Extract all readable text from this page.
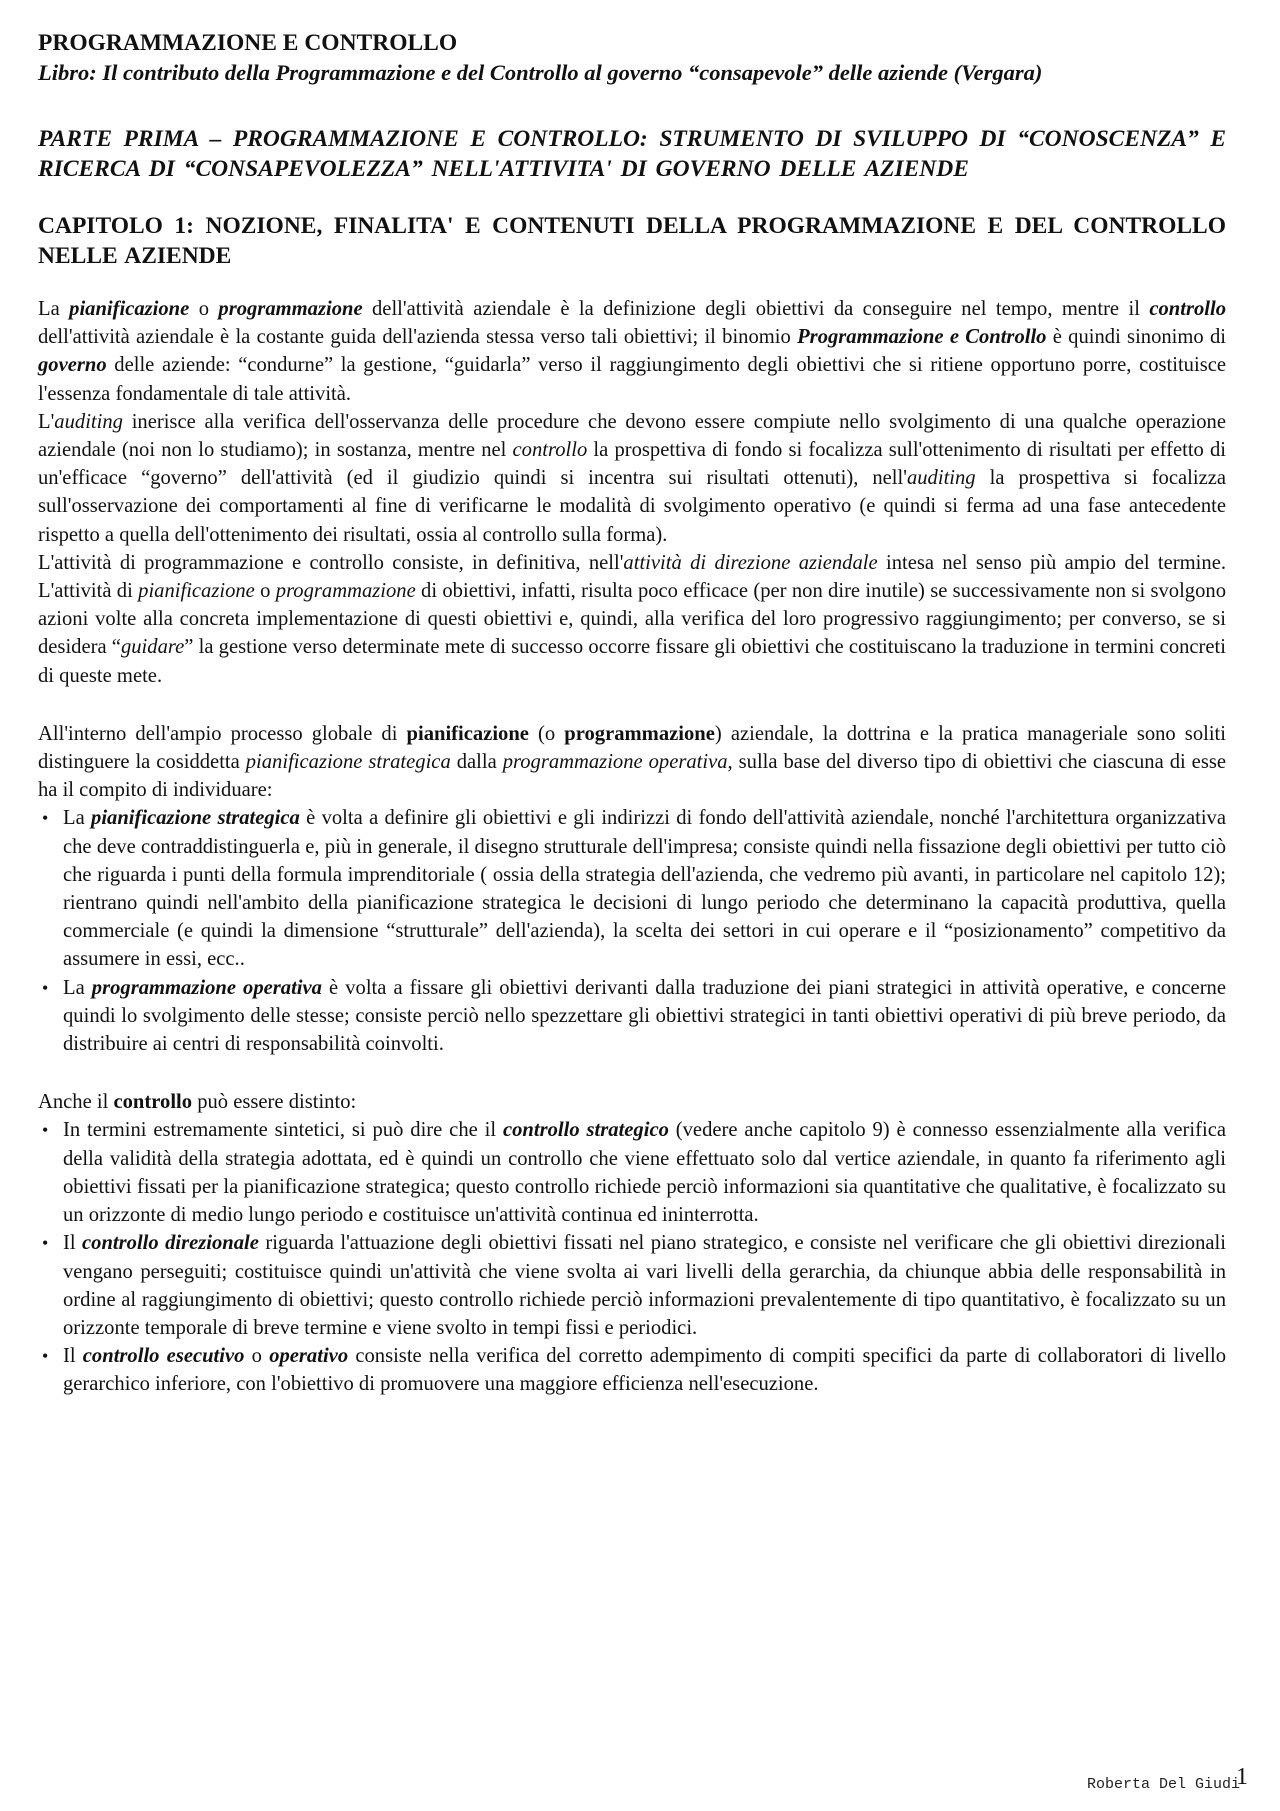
PROGRAMMAZIONE E CONTROLLO

Libro: Il contributo della Programmazione e del Controllo al governo “consapevole” delle aziende (Vergara)

PARTE PRIMA – PROGRAMMAZIONE E CONTROLLO: STRUMENTO DI SVILUPPO DI “CONOSCENZA” E RICERCA DI “CONSAPEVOLEZZA” NELL'ATTIVITA' DI GOVERNO DELLE AZIENDE

CAPITOLO 1: NOZIONE, FINALITA' E CONTENUTI DELLA PROGRAMMAZIONE E DEL CONTROLLO NELLE AZIENDE

La pianificazione o programmazione dell'attività aziendale è la definizione degli obiettivi da conseguire nel tempo, mentre il controllo dell'attività aziendale è la costante guida dell'azienda stessa verso tali obiettivi; il binomio Programmazione e Controllo è quindi sinonimo di governo delle aziende: “condurne” la gestione, “guidarla” verso il raggiungimento degli obiettivi che si ritiene opportuno porre, costituisce l'essenza fondamentale di tale attività.

L'auditing inerisce alla verifica dell'osservanza delle procedure che devono essere compiute nello svolgimento di una qualche operazione aziendale (noi non lo studiamo); in sostanza, mentre nel controllo la prospettiva di fondo si focalizza sull'ottenimento di risultati per effetto di un'efficace “governo” dell'attività (ed il giudizio quindi si incentra sui risultati ottenuti), nell'auditing la prospettiva si focalizza sull'osservazione dei comportamenti al fine di verificarne le modalità di svolgimento operativo (e quindi si ferma ad una fase antecedente rispetto a quella dell'ottenimento dei risultati, ossia al controllo sulla forma).

L'attività di programmazione e controllo consiste, in definitiva, nell'attività di direzione aziendale intesa nel senso più ampio del termine. L'attività di pianificazione o programmazione di obiettivi, infatti, risulta poco efficace (per non dire inutile) se successivamente non si svolgono azioni volte alla concreta implementazione di questi obiettivi e, quindi, alla verifica del loro progressivo raggiungimento; per converso, se si desidera “guidare” la gestione verso determinate mete di successo occorre fissare gli obiettivi che costituiscano la traduzione in termini concreti di queste mete.

All'interno dell'ampio processo globale di pianificazione (o programmazione) aziendale, la dottrina e la pratica manageriale sono soliti distinguere la cosiddetta pianificazione strategica dalla programmazione operativa, sulla base del diverso tipo di obiettivi che ciascuna di esse ha il compito di individuare:

• La pianificazione strategica è volta a definire gli obiettivi e gli indirizzi di fondo dell'attività aziendale, nonché l'architettura organizzativa che deve contraddistinguerla e, più in generale, il disegno strutturale dell'impresa; consiste quindi nella fissazione degli obiettivi per tutto ciò che riguarda i punti della formula imprenditoriale ( ossia della strategia dell'azienda, che vedremo più avanti, in particolare nel capitolo 12); rientrano quindi nell'ambito della pianificazione strategica le decisioni di lungo periodo che determinano la capacità produttiva, quella commerciale (e quindi la dimensione “strutturale” dell'azienda), la scelta dei settori in cui operare e il “posizionamento” competitivo da assumere in essi, ecc..
• La programmazione operativa è volta a fissare gli obiettivi derivanti dalla traduzione dei piani strategici in attività operative, e concerne quindi lo svolgimento delle stesse; consiste perciò nello spezzettare gli obiettivi strategici in tanti obiettivi operativi di più breve periodo, da distribuire ai centri di responsabilità coinvolti.

Anche il controllo può essere distinto:

• In termini estremamente sintetici, si può dire che il controllo strategico (vedere anche capitolo 9) è connesso essenzialmente alla verifica della validità della strategia adottata, ed è quindi un controllo che viene effettuato solo dal vertice aziendale, in quanto fa riferimento agli obiettivi fissati per la pianificazione strategica; questo controllo richiede perciò informazioni sia quantitative che qualitative, è focalizzato su un orizzonte di medio lungo periodo e costituisce un'attività continua ed ininterrotta.
• Il controllo direzionale riguarda l'attuazione degli obiettivi fissati nel piano strategico, e consiste nel verificare che gli obiettivi direzionali vengano perseguiti; costituisce quindi un'attività che viene svolta ai vari livelli della gerarchia, da chiunque abbia delle responsabilità in ordine al raggiungimento di obiettivi; questo controllo richiede perciò informazioni prevalentemente di tipo quantitativo, è focalizzato su un orizzonte temporale di breve termine e viene svolto in tempi fissi e periodici.
• Il controllo esecutivo o operativo consiste nella verifica del corretto adempimento di compiti specifici da parte di collaboratori di livello gerarchico inferiore, con l'obiettivo di promuovere una maggiore efficienza nell'esecuzione.
Roberta Del Giudi
1
